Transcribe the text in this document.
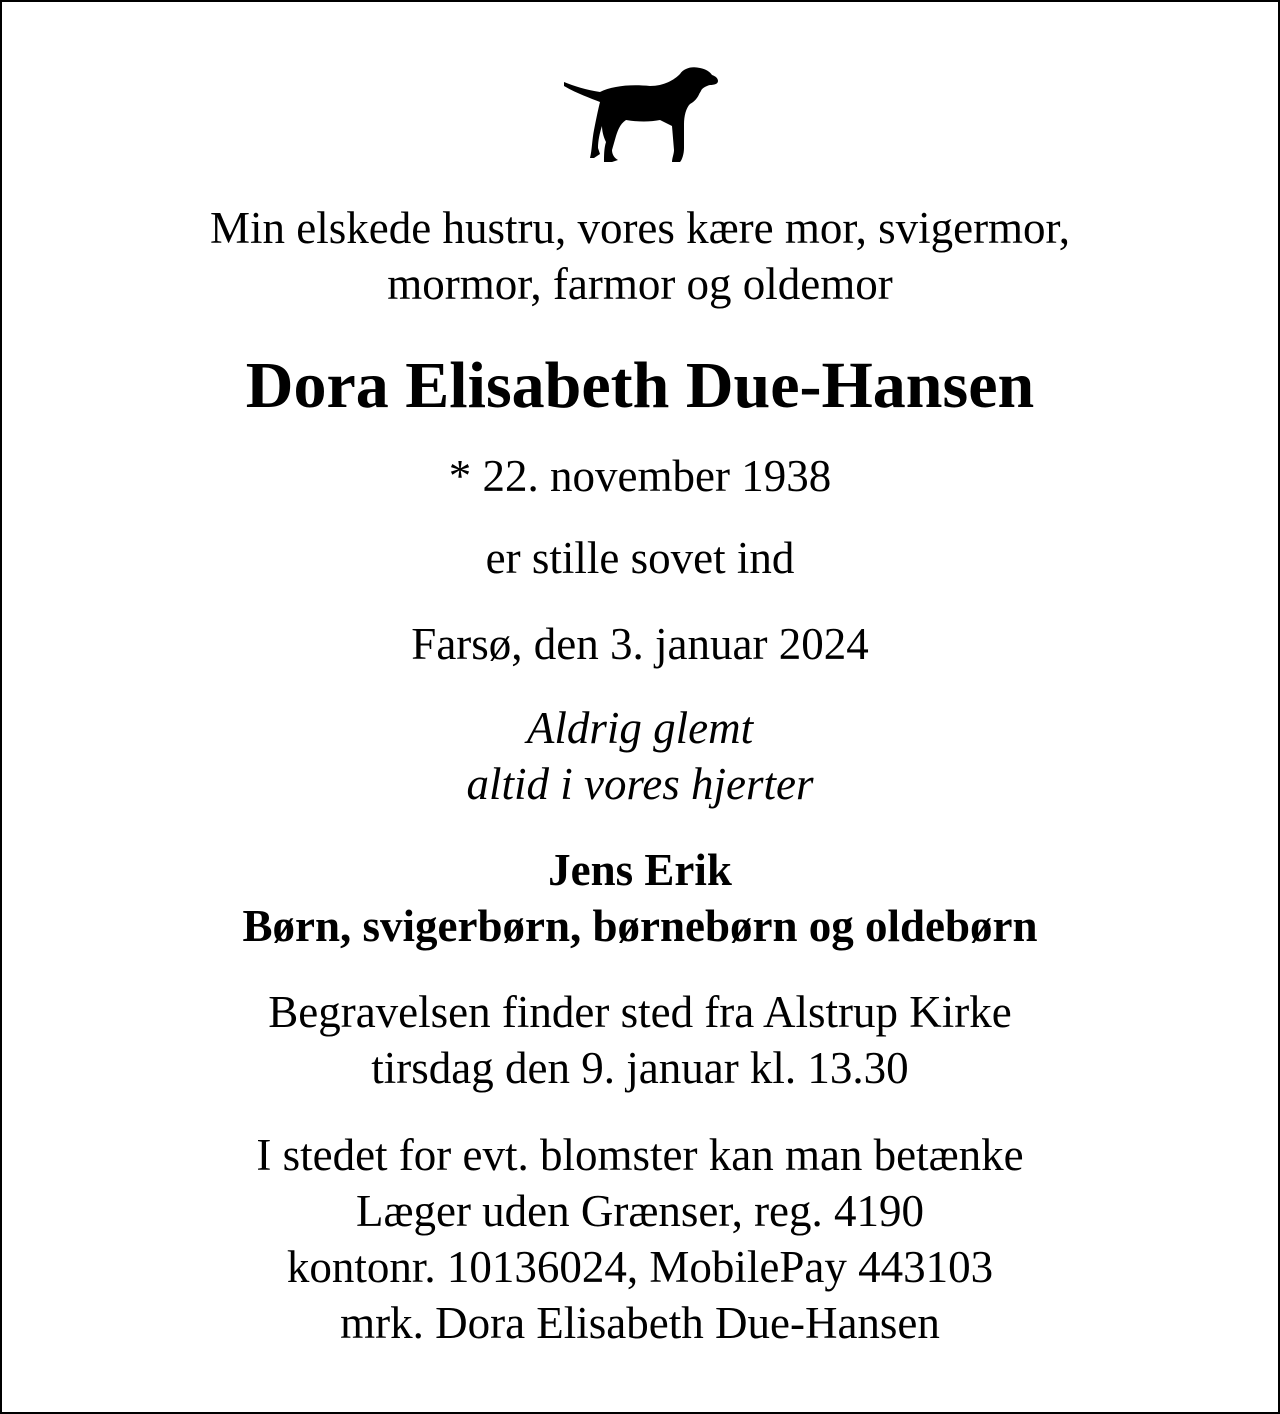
Min elskede hustru, vores kære mor, svigermor,
mormor, farmor og oldemor
Dora Elisabeth Due-Hansen
* 22. november 1938
er stille sovet ind
Farsø, den 3. januar 2024
Aldrig glemt
altid i vores hjerter
Jens Erik
Børn, svigerbørn, børnebørn og oldebørn
Begravelsen finder sted fra Alstrup Kirke
tirsdag den 9. januar kl. 13.30
I stedet for evt. blomster kan man betænke
Læger uden Grænser, reg. 4190
kontonr. 10136024, MobilePay 443103
mrk. Dora Elisabeth Due-Hansen
